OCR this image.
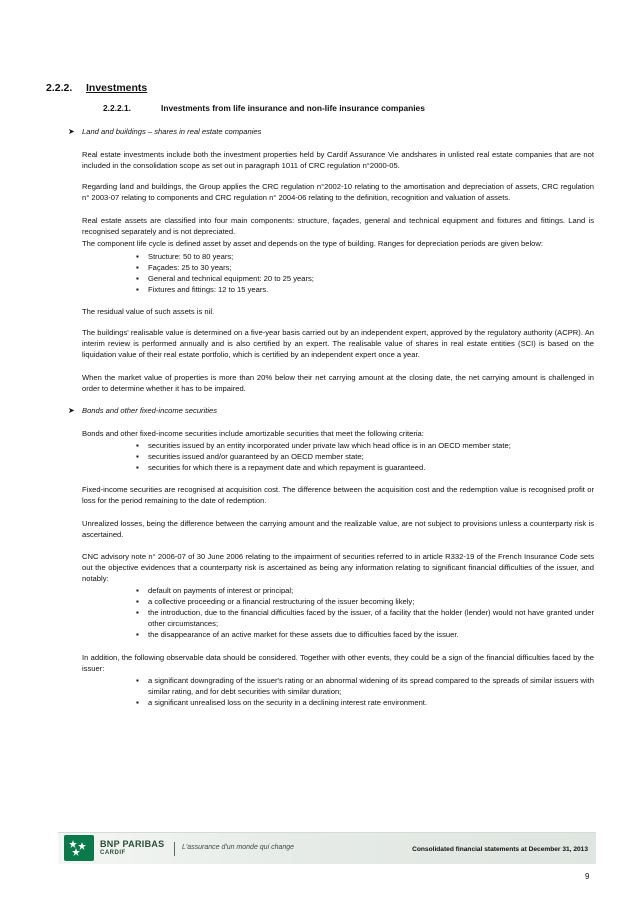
2.2.2. Investments
2.2.2.1.	Investments from life insurance and non-life insurance companies
➤ Land and buildings – shares in real estate companies

Real estate investments include both the investment properties held by Cardif Assurance Vie andshares in unlisted real estate companies that are not included in the consolidation scope as set out in paragraph 1011 of CRC regulation n°2000-05.

Regarding land and buildings, the Group applies the CRC regulation n°2002-10 relating to the amortisation and depreciation of assets, CRC regulation n° 2003-07 relating to components and CRC regulation n° 2004-06 relating to the definition, recognition and valuation of assets.

Real estate assets are classified into four main components: structure, façades, general and technical equipment and fixtures and fittings. Land is recognised separately and is not depreciated.

The component life cycle is defined asset by asset and depends on the type of building. Ranges for depreciation periods are given below:

▪ Structure: 50 to 80 years;
▪ Façades: 25 to 30 years;
▪ General and technical equipment: 20 to 25 years;
▪ Fixtures and fittings: 12 to 15 years.

The residual value of such assets is nil.

The buildings' realisable value is determined on a five-year basis carried out by an independent expert, approved by the regulatory authority (ACPR). An interim review is performed annually and is also certified by an expert. The realisable value of shares in real estate entities (SCI) is based on the liquidation value of their real estate portfolio, which is certified by an independent expert once a year.

When the market value of properties is more than 20% below their net carrying amount at the closing date, the net carrying amount is challenged in order to determine whether it has to be impaired.

➤ Bonds and other fixed-income securities

Bonds and other fixed-income securities include amortizable securities that meet the following criteria:

▪ securities issued by an entity incorporated under private law which head office is in an OECD member state;
▪ securities issued and/or guaranteed by an OECD member state;
▪ securities for which there is a repayment date and which repayment is guaranteed.

Fixed-income securities are recognised at acquisition cost. The difference between the acquisition cost and the redemption value is recognised profit or loss for the period remaining to the date of redemption.

Unrealized losses, being the difference between the carrying amount and the realizable value, are not subject to provisions unless a counterparty risk is ascertained.

CNC advisory note n° 2006-07 of 30 June 2006 relating to the impairment of securities referred to in article R332-19 of the French Insurance Code sets out the objective evidences that a counterparty risk is ascertained as being any information relating to significant financial difficulties of the issuer, and notably:

▪ default on payments of interest or principal;
▪ a collective proceeding or a financial restructuring of the issuer becoming likely;
▪ the introduction, due to the financial difficulties faced by the issuer, of a facility that the holder (lender) would not have granted under other circumstances;
▪ the disappearance of an active market for these assets due to difficulties faced by the issuer.

In addition, the following observable data should be considered. Together with other events, they could be a sign of the financial difficulties faced by the issuer:

▪ a significant downgrading of the issuer's rating or an abnormal widening of its spread compared to the spreads of similar issuers with similar rating, and for debt securities with similar duration;
▪ a significant unrealised loss on the security in a declining interest rate environment.
BNP PARIBAS
CARDIF
L'assurance d'un monde qui change	Consolidated financial statements at December 31, 2013
9
